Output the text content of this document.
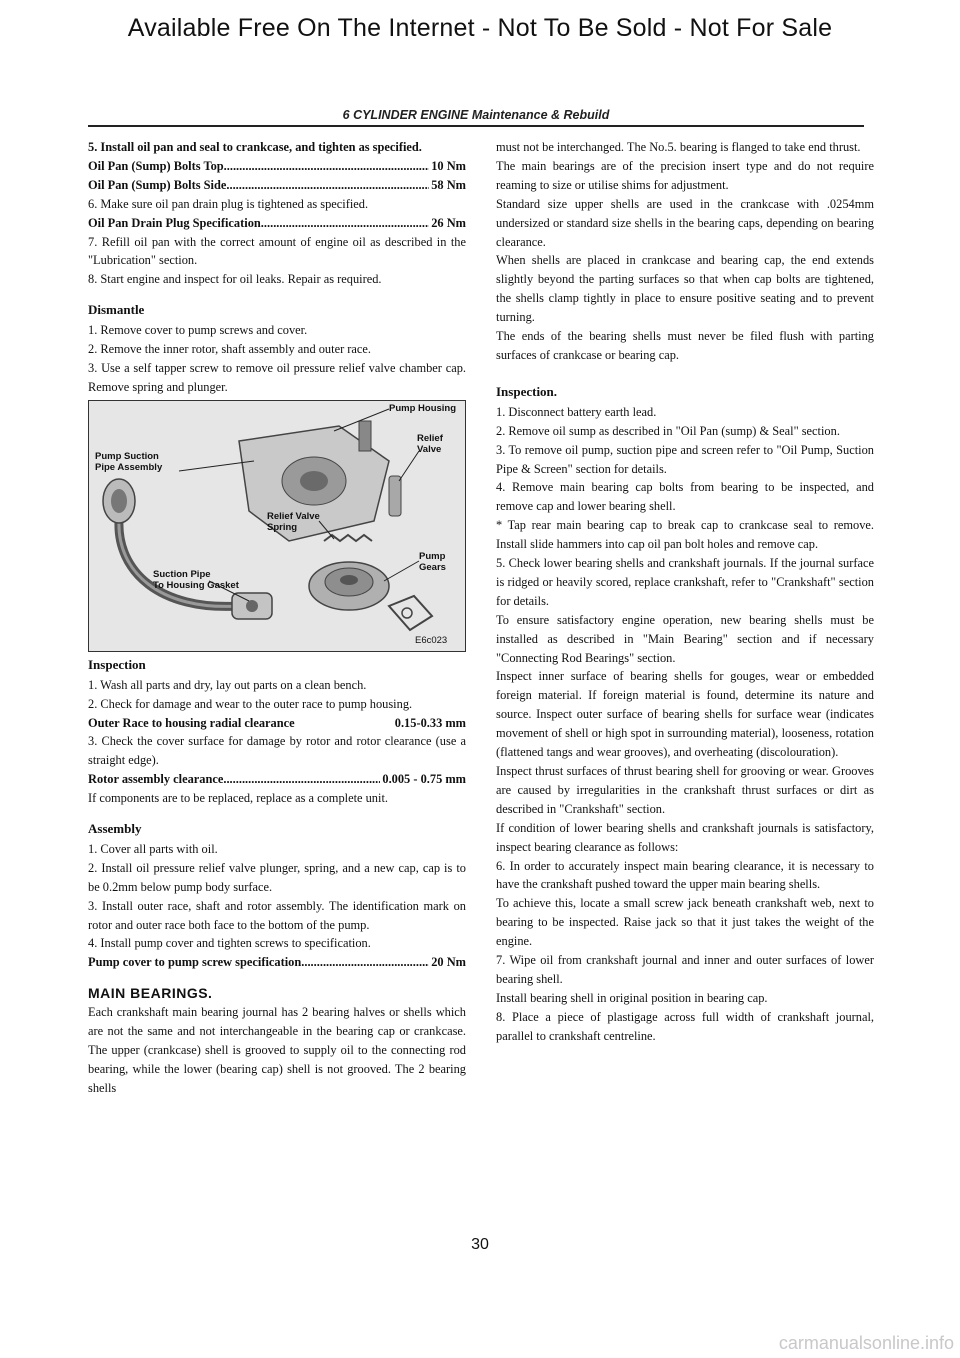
Available Free On The Internet - Not To Be Sold - Not For Sale
6 CYLINDER ENGINE Maintenance & Rebuild

5. Install oil pan and seal to crankcase, and tighten as specified.

Oil Pan (Sump) Bolts Top .....	10 Nm
Oil Pan (Sump) Bolts Side .....	58 Nm

6. Make sure oil pan drain plug is tightened as specified.

Oil Pan Drain Plug Specification .....	26 Nm

7. Refill oil pan with the correct amount of engine oil as described in the "Lubrication" section.

8. Start engine and inspect for oil leaks. Repair as required.

Dismantle

1. Remove cover to pump screws and cover.

2. Remove the inner rotor, shaft assembly and outer race.

3. Use a self tapper screw to remove oil pressure relief valve chamber cap. Remove spring and plunger.

Pump Housing
Relief
Valve
Pump Suction
Pipe Assembly
Relief Valve
Spring
Pump
Gears
Suction Pipe
To Housing Gasket
E6c023
Inspection

1. Wash all parts and dry, lay out parts on a clean bench.

2. Check for damage and wear to the outer race to pump housing.

Outer Race to housing radial clearance	0.15-0.33 mm

3. Check the cover surface for damage by rotor and rotor clearance (use a straight edge).

Rotor assembly clearance .....	0.005 - 0.75 mm

If components are to be replaced, replace as a complete unit.

Assembly

1. Cover all parts with oil.

2. Install oil pressure relief valve plunger, spring, and a new cap, cap is to be 0.2mm below pump body surface.

3. Install outer race, shaft and rotor assembly. The identification mark on rotor and outer race both face to the bottom of the pump.

4. Install pump cover and tighten screws to specification.

Pump cover to pump screw specification .....	20 Nm
MAIN BEARINGS.

Each crankshaft main bearing journal has 2 bearing halves or shells which are not the same and not interchangeable in the bearing cap or crankcase. The upper (crankcase) shell is grooved to supply oil to the connecting rod bearing, while the lower (bearing cap) shell is not grooved. The 2 bearing shells

must not be interchanged. The No.5. bearing is flanged to take end thrust.

The main bearings are of the precision insert type and do not require reaming to size or utilise shims for adjustment.

Standard size upper shells are used in the crankcase with .0254mm undersized or standard size shells in the bearing caps, depending on bearing clearance.

When shells are placed in crankcase and bearing cap, the end extends slightly beyond the parting surfaces so that when cap bolts are tightened, the shells clamp tightly in place to ensure positive seating and to prevent turning.

The ends of the bearing shells must never be filed flush with parting surfaces of crankcase or bearing cap.

Inspection.

1. Disconnect battery earth lead.

2. Remove oil sump as described in "Oil Pan (sump) & Seal" section.

3. To remove oil pump, suction pipe and screen refer to "Oil Pump, Suction Pipe & Screen" section for details.

4. Remove main bearing cap bolts from bearing to be inspected, and remove cap and lower bearing shell.

* Tap rear main bearing cap to break cap to crankcase seal to remove. Install slide hammers into cap oil pan bolt holes and remove cap.

5. Check lower bearing shells and crankshaft journals. If the journal surface is ridged or heavily scored, replace crankshaft, refer to "Crankshaft" section for details.

To ensure satisfactory engine operation, new bearing shells must be installed as described in "Main Bearing" section and if necessary "Connecting Rod Bearings" section.

Inspect inner surface of bearing shells for gouges, wear or embedded foreign material. If foreign material is found, determine its nature and source. Inspect outer surface of bearing shells for surface wear (indicates movement of shell or high spot in surrounding material), looseness, rotation (flattened tangs and wear grooves), and overheating (discolouration).

Inspect thrust surfaces of thrust bearing shell for grooving or wear. Grooves are caused by irregularities in the crankshaft thrust surfaces or dirt as described in "Crankshaft" section.

If condition of lower bearing shells and crankshaft journals is satisfactory, inspect bearing clearance as follows:

6. In order to accurately inspect main bearing clearance, it is necessary to have the crankshaft pushed toward the upper main bearing shells.

To achieve this, locate a small screw jack beneath crankshaft web, next to bearing to be inspected. Raise jack so that it just takes the weight of the engine.

7. Wipe oil from crankshaft journal and inner and outer surfaces of lower bearing shell.

Install bearing shell in original position in bearing cap.

8. Place a piece of plastigage across full width of crankshaft journal, parallel to crankshaft centreline.

30
carmanualsonline.info
